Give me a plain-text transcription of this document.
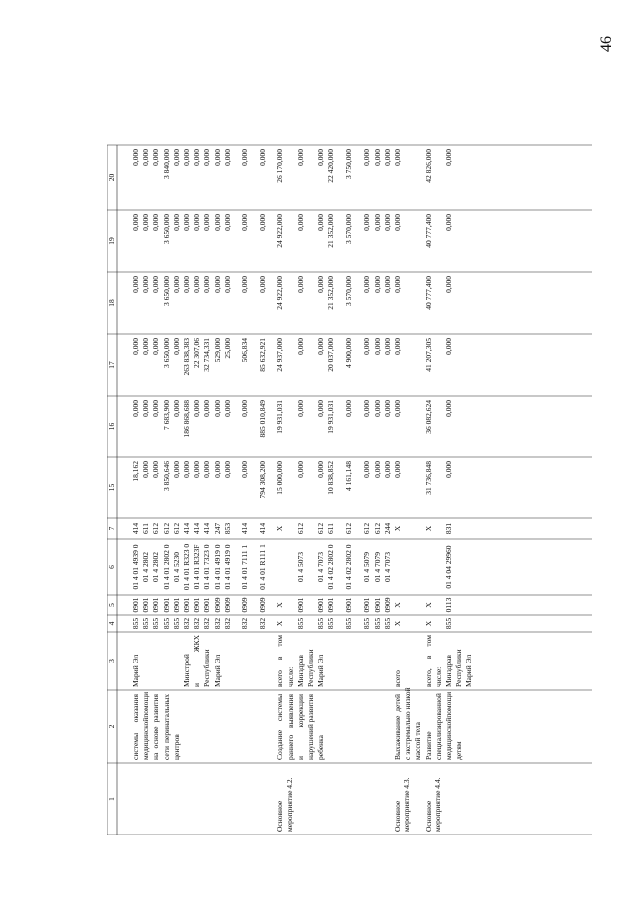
46
1
2
3
4
5
6
7
15
16
17
18
19
20
системы
оказания
Марий Эл
855
0901
01 4 01 4939 0
414
18,162
0,000
0,000
0,000
0,000
0,000
медицинской
помощи
855
0901
01 4 2802
611
0,000
0,000
0,000
0,000
0,000
0,000
на
основе
развития
855
0901
01 4 2802
612
0,000
0,000
0,000
0,000
0,000
0,000
сети
перинатальных
855
0901
01 4 01 2802 0
612
3 850,646
7 683,900
3 650,000
3 650,000
3 650,000
3 840,000
центров
855
0901
01 4 5230
612
0,000
0,000
0,000
0,000
0,000
0,000
Минстрой
832
0901
01 4 01 R323 0
414
0,000
186 868,688
263 838,383
0,000
0,000
0,000
и
ЖКХ
832
0901
01 4 01 R323F
414
0,000
0,000
22 307,06
0,000
0,000
0,000
Республики
832
0901
01 4 01 7323 0
414
0,000
0,000
32 734,331
0,000
0,000
0,000
Марий Эл
832
0909
01 4 01 4919 0
247
0,000
0,000
529,000
0,000
0,000
0,000
832
0909
01 4 01 4919 0
853
0,000
0,000
25,000
0,000
0,000
0,000
832
0909
01 4 01 7111 1
414
0,000
0,000
506,834
0,000
0,000
0,000
832
0909
01 4 01 R111 1
414
794 308,200
885 010,849
85 632,921
0,000
0,000
0,000
Основное мероприятие 4.2.
Создание
системы
всего
в
том
X
X
X
15 000,000
19 931,031
24 937,000
24 922,000
24 922,000
26 170,000
раннего
выявления
числе:
и
коррекции
Минздрав
855
0901
01 4 5073
612
0,000
0,000
0,000
0,000
0,000
0,000
нарушений
развития
Республики
ребенка
Марий Эл
855
0901
01 4 7073
612
0,000
0,000
0,000
0,000
0,000
0,000
855
0901
01 4 02 2802 0
611
10 838,852
19 931,031
20 037,000
21 352,000
21 352,000
22 420,000
855
0901
01 4 02 2802 0
612
4 161,148
0,000
4 900,000
3 570,000
3 570,000
3 750,000
855
0901
01 4 5079
612
0,000
0,000
0,000
0,000
0,000
0,000
855
0901
01 4 7079
612
0,000
0,000
0,000
0,000
0,000
0,000
855
0909
01 4 7073
244
0,000
0,000
0,000
0,000
0,000
0,000
Основное мероприятие 4.3.
Выхаживание
детей
всего
X
X
X
0,000
0,000
0,000
0,000
0,000
0,000
с экстремально низкой массой тела
Основное мероприятие 4.4.
Развитие
всего,
в
том
X
X
X
31 736,848
36 082,624
41 207,305
40 777,400
40 777,400
42 826,000
специализированной
числе:
медицинской
помощи
Минздрав
855
0113
01 4 04 29960
831
0,000
0,000
0,000
0,000
0,000
0,000
детям
Республики Марий Эл
